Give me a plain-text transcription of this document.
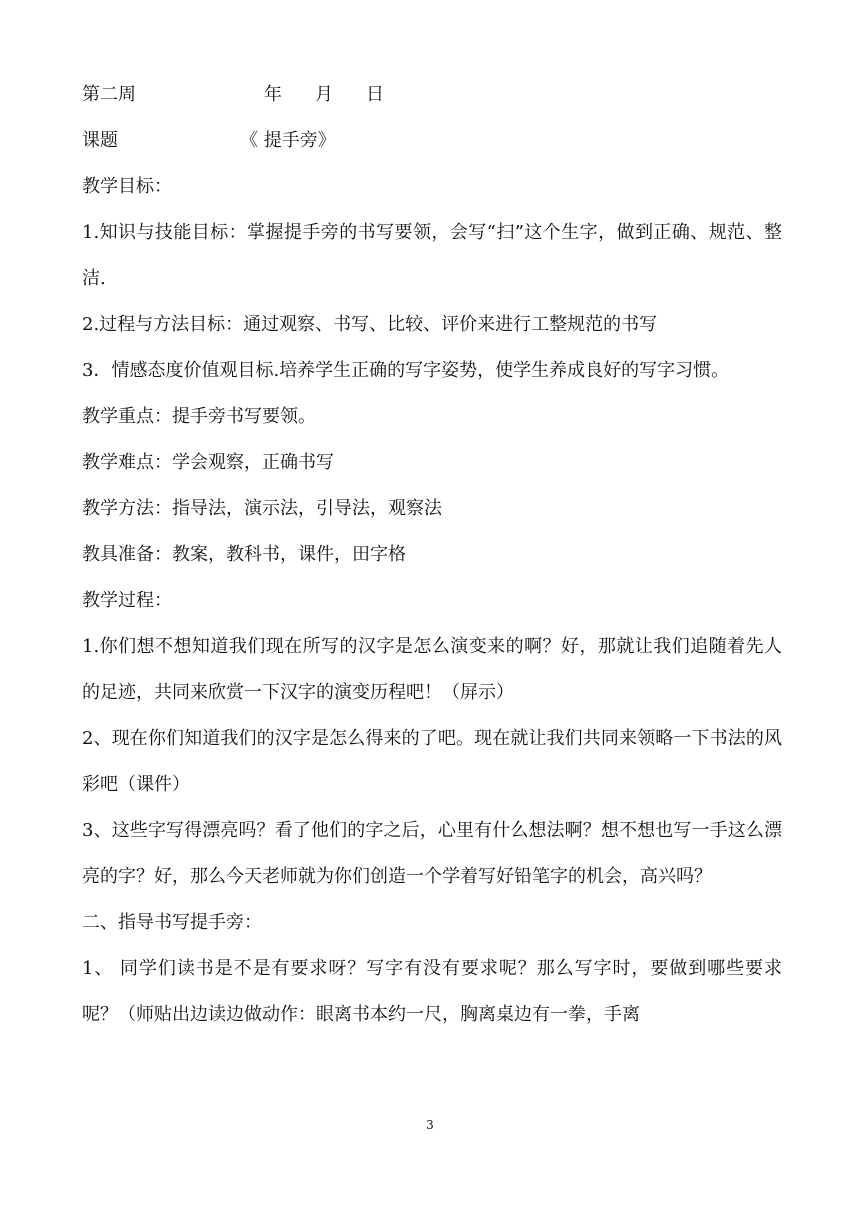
第二周	年 月 日
课题	《 提手旁》
教学目标：
1.知识与技能目标：掌握提手旁的书写要领，会写“扫”这个生字，做到正确、规范、整洁.
2.过程与方法目标：通过观察、书写、比较、评价来进行工整规范的书写
3．情感态度价值观目标.培养学生正确的写字姿势，使学生养成良好的写字习惯。
教学重点：提手旁书写要领。
教学难点：学会观察，正确书写
教学方法：指导法，演示法，引导法，观察法
教具准备：教案，教科书，课件，田字格
教学过程：
1.你们想不想知道我们现在所写的汉字是怎么演变来的啊？好，那就让我们追随着先人的足迹，共同来欣赏一下汉字的演变历程吧！（屏示）
2、现在你们知道我们的汉字是怎么得来的了吧。现在就让我们共同来领略一下书法的风彩吧（课件）
3、这些字写得漂亮吗？看了他们的字之后，心里有什么想法啊？想不想也写一手这么漂亮的字？好，那么今天老师就为你们创造一个学着写好铅笔字的机会，高兴吗？
二、指导书写提手旁：
1、 同学们读书是不是有要求呀？写字有没有要求呢？那么写字时，要做到哪些要求呢？（师贴出边读边做动作：眼离书本约一尺，胸离桌边有一拳，手离
3
